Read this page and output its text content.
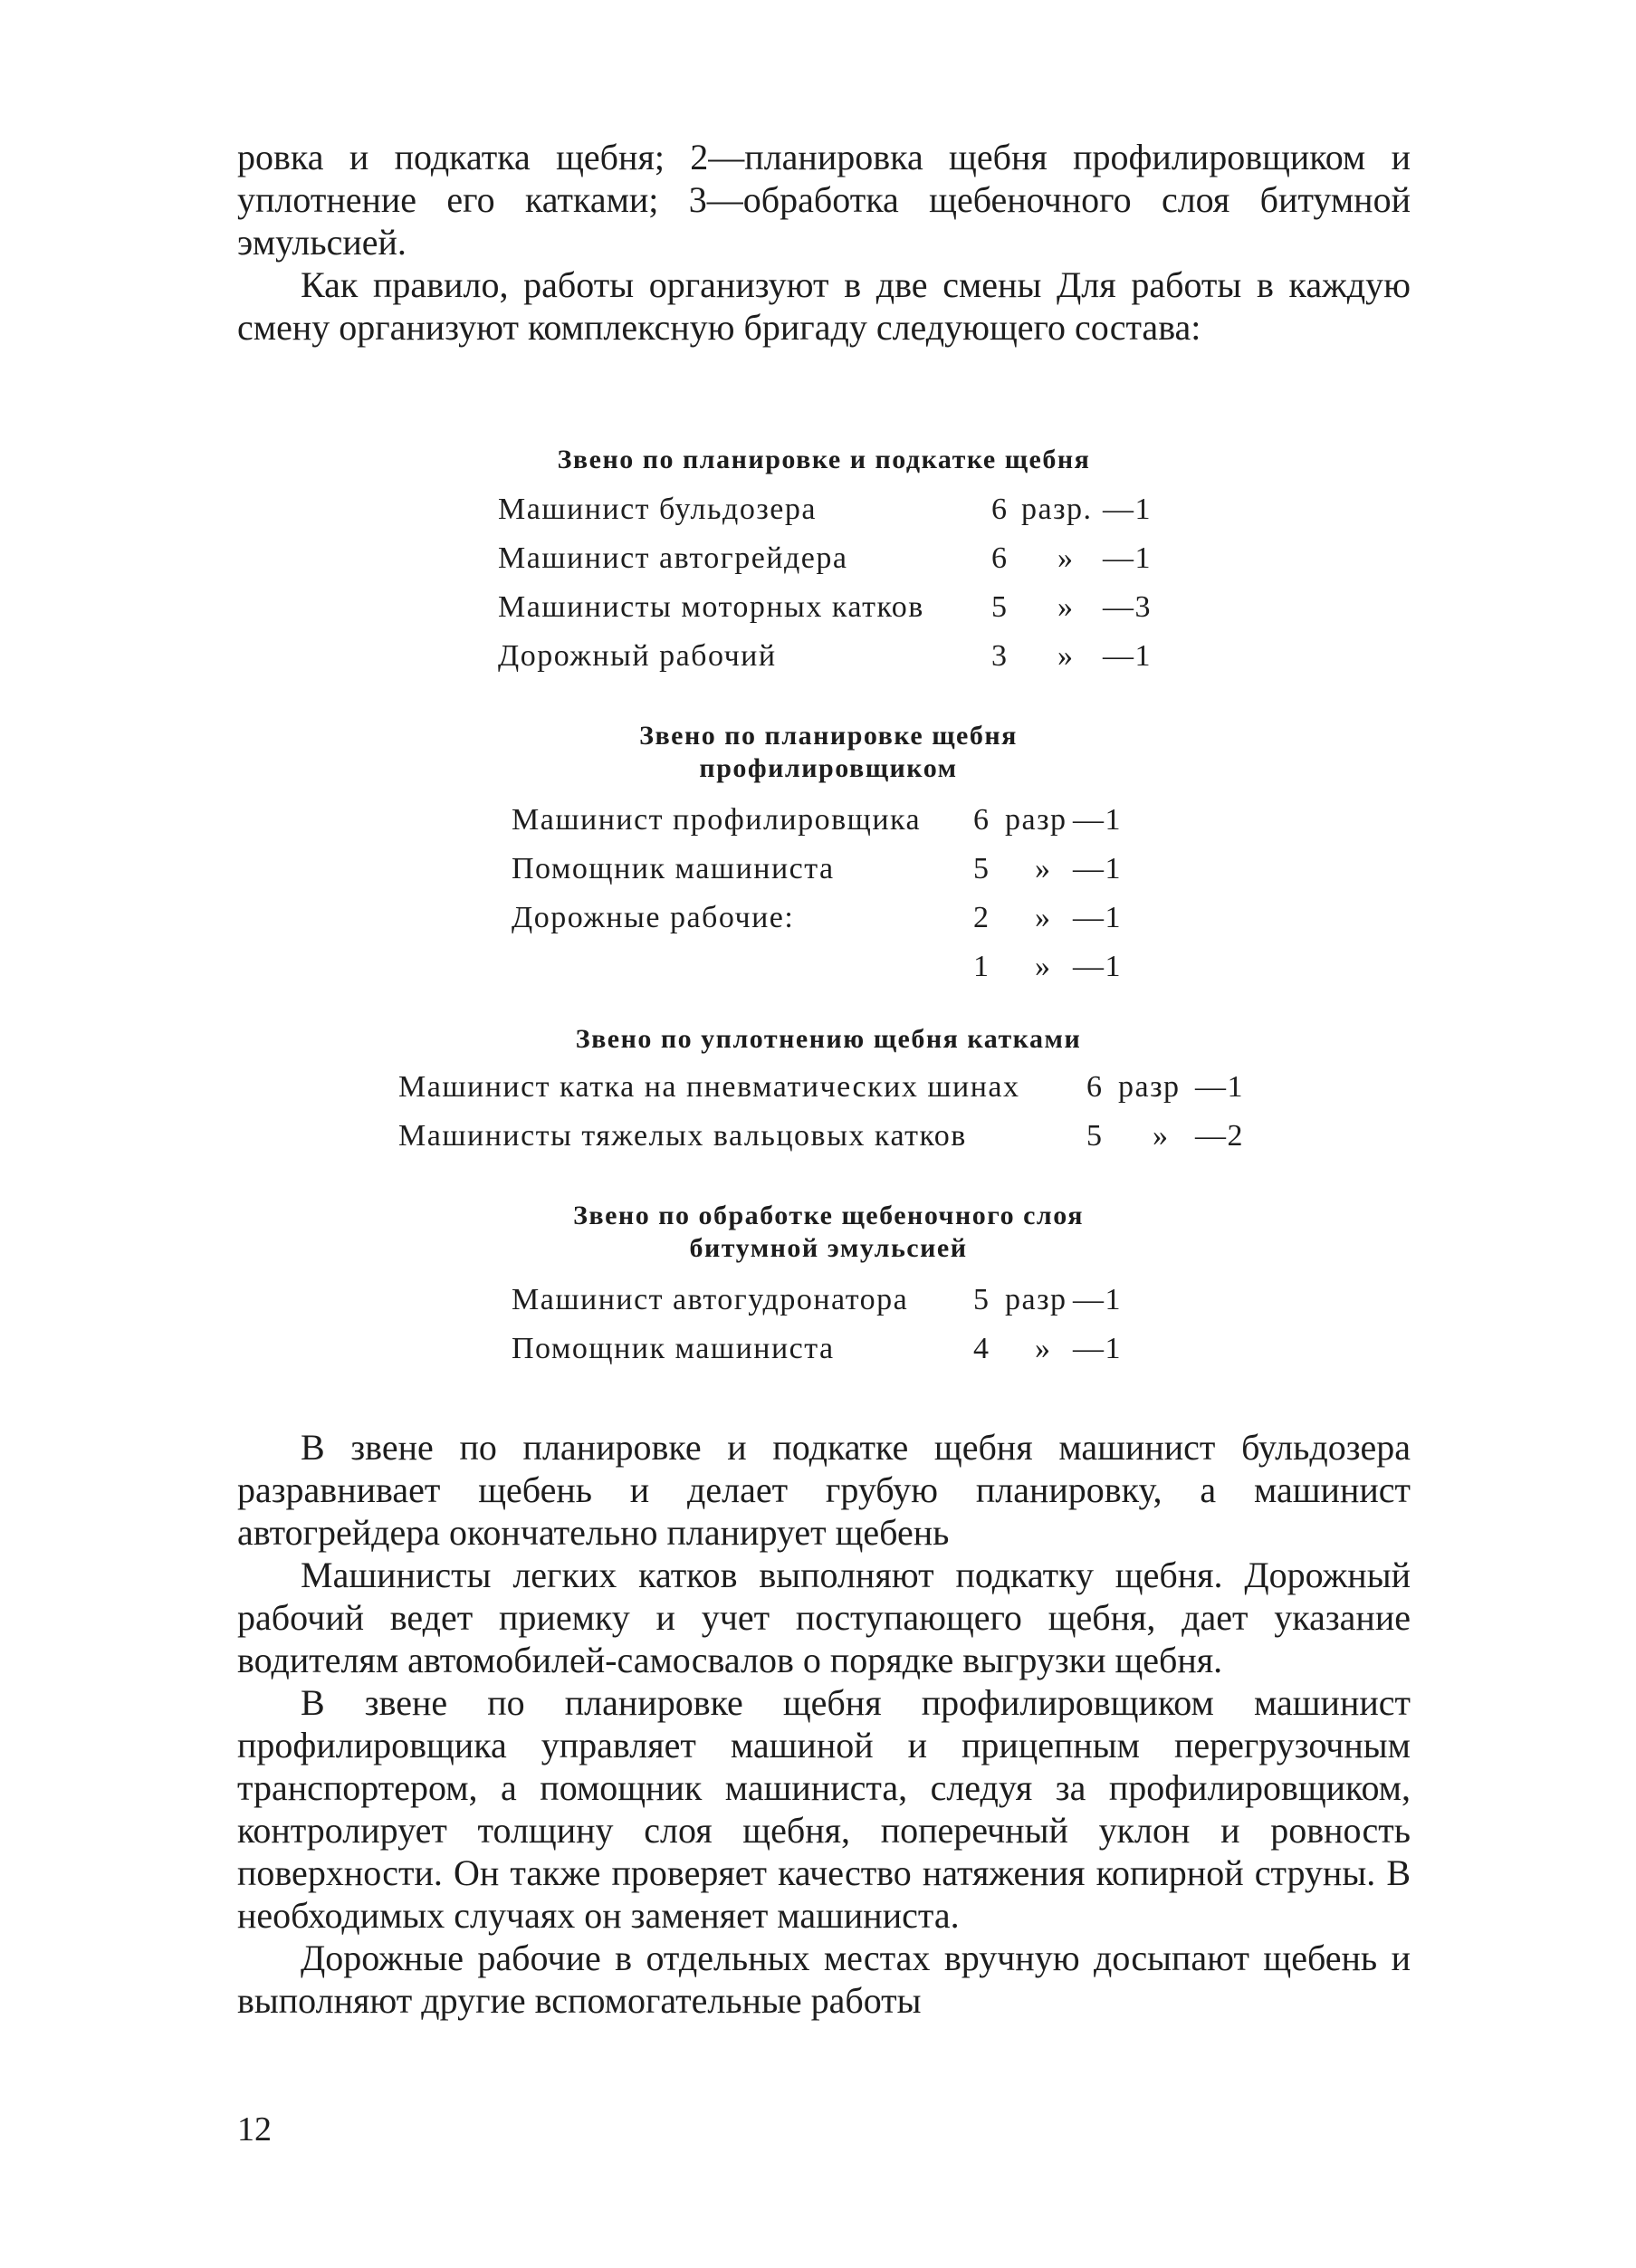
ровка и подкатка щебня; 2—планировка щебня профилировщиком и уплотнение его катками; 3—обработка щебеночного слоя битумной эмульсией.

Как правило, работы организуют в две смены Для работы в каждую смену организуют комплексную бригаду следующего состава:

Звено по планировке и подкатке щебня
Машинист бульдозера	6 разр. —1
Машинист автогрейдера	6 » —1
Машинисты моторных катков 5 » —3
Дорожный рабочий	3 » —1
Звено по планировке щебня
профилировщиком
Машинист профилировщика 6 разр —1
Помощник машиниста	5 » —1
Дорожные рабочие:	2 » —1
1 » —1
Звено по уплотнению щебня катками
Машинист катка на пневматических шинах 6 разр —1
Машинисты тяжелых вальцовых катков	5 » —2
Звено по обработке щебеночного слоя
битумной эмульсией
Машинист автогудронатора 5 разр —1
Помощник машиниста	4 » —1

В звене по планировке и подкатке щебня машинист бульдозера разравнивает щебень и делает грубую планировку, а машинист автогрейдера окончательно планирует щебень

Машинисты легких катков выполняют подкатку щебня. Дорожный рабочий ведет приемку и учет поступающего щебня, дает указание водителям автомобилей-самосвалов о порядке выгрузки щебня.

В звене по планировке щебня профилировщиком машинист профилировщика управляет машиной и прицепным перегрузочным транспортером, а помощник машиниста, следуя за профилировщиком, контролирует толщину слоя щебня, поперечный уклон и ровность поверхности. Он также проверяет качество натяжения копирной струны. В необходимых случаях он заменяет машиниста.

Дорожные рабочие в отдельных местах вручную досыпают щебень и выполняют другие вспомогательные работы

12
